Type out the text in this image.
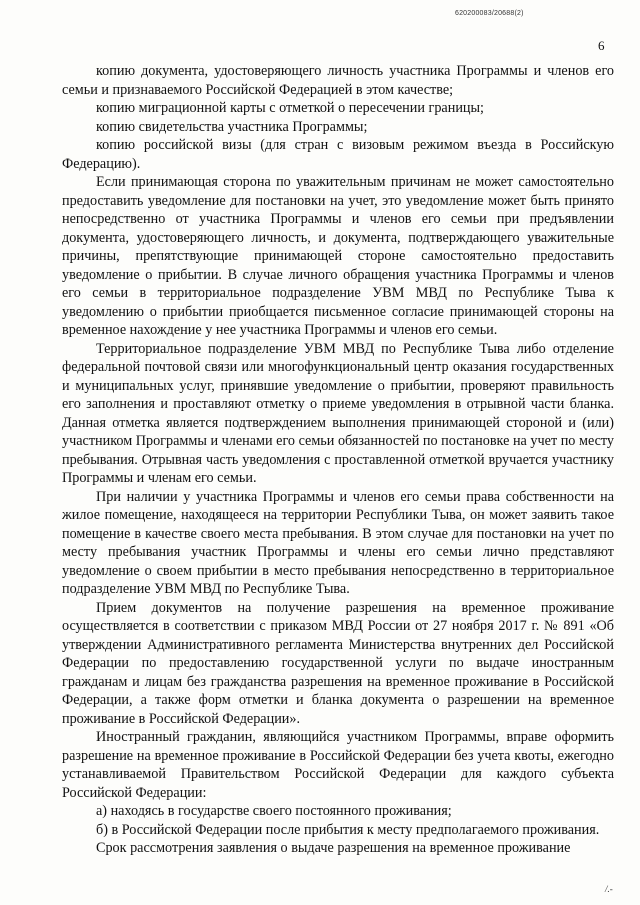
620200083/20688(2)
6

копию документа, удостоверяющего личность участника Программы и членов его семьи и признаваемого Российской Федерацией в этом качестве;

копию миграционной карты с отметкой о пересечении границы;

копию свидетельства участника Программы;

копию российской визы (для стран с визовым режимом въезда в Российскую Федерацию).

Если принимающая сторона по уважительным причинам не может самостоятельно предоставить уведомление для постановки на учет, это уведомление может быть принято непосредственно от участника Программы и членов его семьи при предъявлении документа, удостоверяющего личность, и документа, подтверждающего уважительные причины, препятствующие принимающей стороне самостоятельно предоставить уведомление о прибытии. В случае личного обращения участника Программы и членов его семьи в территориальное подразделение УВМ МВД по Республике Тыва к уведомлению о прибытии приобщается письменное согласие принимающей стороны на временное нахождение у нее участника Программы и членов его семьи.

Территориальное подразделение УВМ МВД по Республике Тыва либо отделение федеральной почтовой связи или многофункциональный центр оказания государственных и муниципальных услуг, принявшие уведомление о прибытии, проверяют правильность его заполнения и проставляют отметку о приеме уведомления в отрывной части бланка. Данная отметка является подтверждением выполнения принимающей стороной и (или) участником Программы и членами его семьи обязанностей по постановке на учет по месту пребывания. Отрывная часть уведомления с проставленной отметкой вручается участнику Программы и членам его семьи.

При наличии у участника Программы и членов его семьи права собственности на жилое помещение, находящееся на территории Республики Тыва, он может заявить такое помещение в качестве своего места пребывания. В этом случае для постановки на учет по месту пребывания участник Программы и члены его семьи лично представляют уведомление о своем прибытии в место пребывания непосредственно в территориальное подразделение УВМ МВД по Республике Тыва.

Прием документов на получение разрешения на временное проживание осуществляется в соответствии с приказом МВД России от 27 ноября 2017 г. № 891 «Об утверждении Административного регламента Министерства внутренних дел Российской Федерации по предоставлению государственной услуги по выдаче иностранным гражданам и лицам без гражданства разрешения на временное проживание в Российской Федерации, а также форм отметки и бланка документа о разрешении на временное проживание в Российской Федерации».

Иностранный гражданин, являющийся участником Программы, вправе оформить разрешение на временное проживание в Российской Федерации без учета квоты, ежегодно устанавливаемой Правительством Российской Федерации для каждого субъекта Российской Федерации:

а) находясь в государстве своего постоянного проживания;

б) в Российской Федерации после прибытия к месту предполагаемого проживания.

Срок рассмотрения заявления о выдаче разрешения на временное проживание

/.-
